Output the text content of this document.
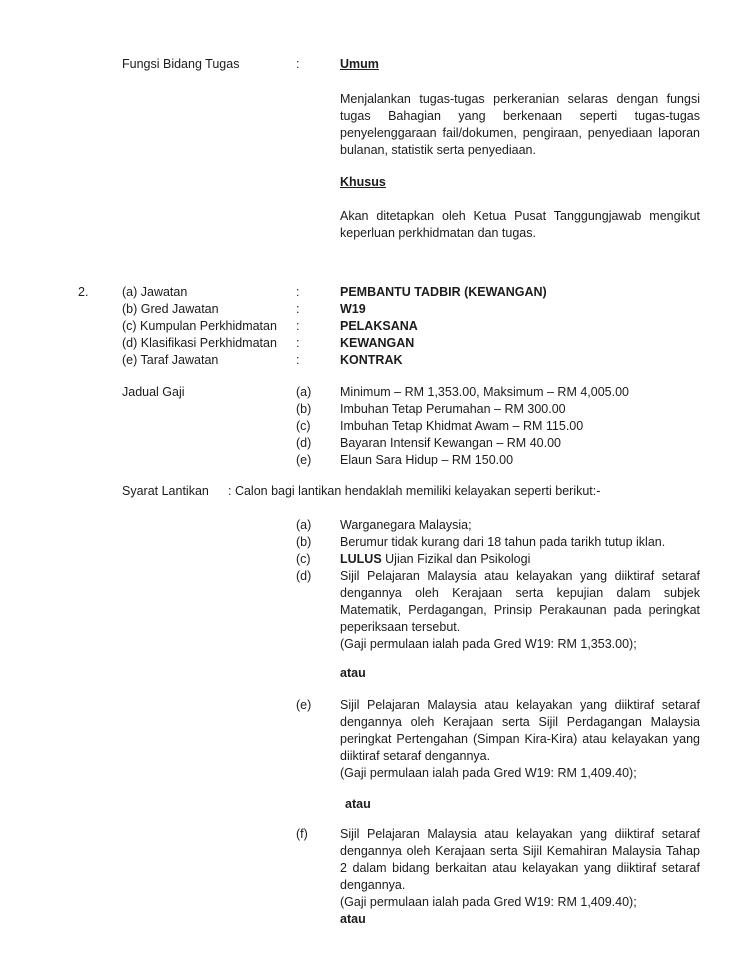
Fungsi Bidang Tugas	:	Umum

Menjalankan tugas-tugas perkeranian selaras dengan fungsi tugas Bahagian yang berkenaan seperti tugas-tugas penyelenggaraan fail/dokumen, pengiraan, penyediaan laporan bulanan, statistik serta penyediaan.

Khusus

Akan ditetapkan oleh Ketua Pusat Tanggungjawab mengikut keperluan perkhidmatan dan tugas.

2.	(a) Jawatan	:	PEMBANTU TADBIR (KEWANGAN)
(b) Gred Jawatan	:	W19
(c) Kumpulan Perkhidmatan	:	PELAKSANA
(d) Klasifikasi Perkhidmatan	:	KEWANGAN
(e) Taraf Jawatan	:	KONTRAK
Jadual Gaji	(a)	Minimum – RM 1,353.00, Maksimum – RM 4,005.00
(b)	Imbuhan Tetap Perumahan – RM 300.00
(c)	Imbuhan Tetap Khidmat Awam – RM 115.00
(d)	Bayaran Intensif Kewangan – RM 40.00
(e)	Elaun Sara Hidup – RM 150.00
Syarat Lantikan	: Calon bagi lantikan hendaklah memiliki kelayakan seperti berikut:-
(a)	Warganegara Malaysia;
(b)	Berumur tidak kurang dari 18 tahun pada tarikh tutup iklan.
(c)	LULUS Ujian Fizikal dan Psikologi
(d)	Sijil Pelajaran Malaysia atau kelayakan yang diiktiraf setaraf dengannya oleh Kerajaan serta kepujian dalam subjek Matematik, Perdagangan, Prinsip Perakaunan pada peringkat peperiksaan tersebut.

(Gaji permulaan ialah pada Gred W19: RM 1,353.00);

atau
(e)	Sijil Pelajaran Malaysia atau kelayakan yang diiktiraf setaraf dengannya oleh Kerajaan serta Sijil Perdagangan Malaysia peringkat Pertengahan (Simpan Kira-Kira) atau kelayakan yang diiktiraf setaraf dengannya.

(Gaji permulaan ialah pada Gred W19: RM 1,409.40);

atau
(f)	Sijil Pelajaran Malaysia atau kelayakan yang diiktiraf setaraf dengannya oleh Kerajaan serta Sijil Kemahiran Malaysia Tahap 2 dalam bidang berkaitan atau kelayakan yang diiktiraf setaraf dengannya.

(Gaji permulaan ialah pada Gred W19: RM 1,409.40);

atau
